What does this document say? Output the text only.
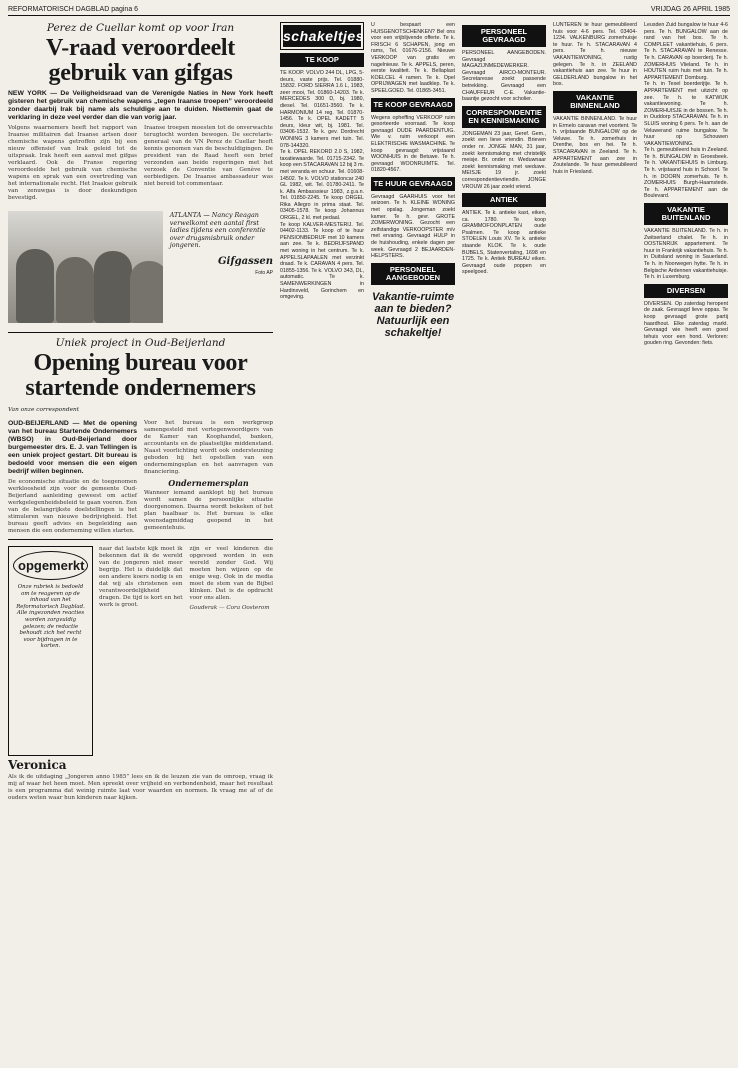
REFORMATORISCH DAGBLAD pagina 6	VRIJDAG 26 APRIL 1985

Perez de Cuellar komt op voor Iran

V-raad veroordeelt gebruik van gifgas

NEW YORK — De Veiligheidsraad van de Verenigde Naties in New York heeft gisteren het gebruik van chemische wapens „tegen Iraanse troepen” veroordeeld zonder daarbij Irak bij name als schuldige aan te duiden. Niettemin gaat de verklaring in deze veel verder dan die van vorig jaar.

Volgens waarnemers heeft het rapport van Iraanse militairen dat Iraanse artsen door chemische wapens getroffen zijn bij een nieuw offensief van Irak geleid tot de uitspraak. Irak heeft een aanval met gifgas verklaard. Ook de Franse regering veroordeelde het gebruik van chemische wapens en sprak van een overtreding van het internationale recht. Het Iraakse gebruik van zenuwgas is door deskundigen bevestigd.

Iraanse troepen moesten tot de onverwachte terugtocht worden bewogen. De secretaris-generaal van de VN Perez de Cuellar heeft kennis genomen van de beschuldigingen. De president van de Raad heeft een brief verzonden aan beide regeringen met het verzoek de Conventie van Genève te eerbiedigen. De Iraanse ambassadeur was niet bereid tot commentaar.

ATLANTA — Nancy Reagan verwelkomt een aantal first ladies tijdens een conferentie over drugsmisbruik onder jongeren.

Gifgassen

Foto AP

Uniek project in Oud-Beijerland

Opening bureau voor startende ondernemers

Van onze correspondent

OUD-BEIJERLAND — Met de opening van het bureau Startende Ondernemers (WBSO) in Oud-Beijerland door burgemeester drs. E. J. van Tellingen is een uniek project gestart. Dit bureau is bedoeld voor mensen die een eigen bedrijf willen beginnen.

De economische situatie en de toegenomen werkloosheid zijn voor de gemeente Oud-Beijerland aanleiding geweest om actief werkgelegenheidsbeleid te gaan voeren. Een van de belangrijkste doelstellingen is het stimuleren van nieuwe bedrijvigheid. Het bureau geeft advies en begeleiding aan mensen die een onderneming willen starten.

Voor het bureau is een werkgroep samengesteld met vertegenwoordigers van de Kamer van Koophandel, banken, accountants en de plaatselijke middenstand. Naast voorlichting wordt ook ondersteuning geboden bij het opstellen van een ondernemingsplan en het aanvragen van financiering.

Ondernemersplan

Wanneer iemand aanklopt bij het bureau wordt samen de persoonlijke situatie doorgenomen. Daarna wordt bekeken of het plan haalbaar is. Het bureau is elke woensdagmiddag geopend in het gemeentehuis.

opgemerkt
Onze rubriek is bedoeld om te reageren op de inhoud van het Reformatorisch Dagblad. Alle ingezonden reacties worden zorgvuldig gelezen; de redactie behoudt zich het recht voor bijdragen in te korten.

naar dat laatste kijk moet ik bekennen dat ik de wereld van de jongeren niet meer begrijp. Het is duidelijk dat een andere koers nodig is en dat wij als christenen een verantwoordelijkheid dragen. De tijd is kort en het werk is groot.

zijn er veel kinderen die opgevoed worden in een wereld zonder God. Wij moeten hen wijzen op de enige weg. Ook in de media moet de stem van de Bijbel klinken. Dat is de opdracht voor ons allen.

Gouderak — Cora Oosterom

Veronica

Als ik de uitdaging „Jongeren anno 1985” lees en ik de leuzen zie van de omroep, vraag ik mij af waar het heen moet. Men spreekt over vrijheid en verbondenheid, maar het resultaat is een programma dat weinig ruimte laat voor waarden en normen. Ik vraag me af of de ouders weten waar hun kinderen naar kijken.

schakeltjes
TE KOOP
TE KOOP. VOLVO 244 DL, LPG, 5-deurs, vaste prijs. Tel. 01880-15832. FORD SIERRA 1.6 L, 1983, zeer mooi, Tel. 01860-14203. Te k. MERCEDES 300 D, bj. 1980, diesel. Tel. 01651-3560. Te k. HARMONIUM 14 reg. Tel. 01870-1456. Te k. OPEL KADETT 5 deurs, kleur wit, bj. 1981. Tel. 03406-1532. Te k. gev. Dordrecht WONING 3 kamers met tuin. Tel. 078-144320.
Te k. OPEL REKORD 2.0 S, 1982, taxatiewaarde. Tel. 01715-2342. Te koop een STACARAVAN 12 bij 3 m. met veranda en schuur. Tel. 01608-14502. Te k. VOLVO stationcar 240 GL 1982, wit. Tel. 01780-2411. Te k. Alfa Ambasssieur 1983, z.g.a.n. Tel. 01850-2245. Te koop ORGEL Rika Allegro in prima staat. Tel. 03405-1578. Te koop Johannus ORGEL, 2 kl. met pedaal.
Te koop KALVER-MESTERIJ. Tel. 04402-1133. Te koop of te huur PENSIONBEDRIJF met 10 kamers aan zee. Te k. BEDRIJFSPAND met woning in het centrum. Te k. APPELSLAPAALEN met verzinkt draad. Te k. CARAVAN 4 pers. Tel. 01855-1356. Te k. VOLVO 343, DL, automatic. Te k. SAMENWERKINGEN in Hardinxveld, Gorinchem en omgeving.
U bespaart een HUISGENOTSCHENKEN? Bel ons voor een vrijblijvende offerte. Te k. FRISCH 6 SCHAPEN, jong en rams, Tel. 01676-2156. Nieuwe VERKOOP van gratis en nagelnieuw. Te k. APPELS, peren, eerste kwaliteit. Te k. Bellaplast KOELCEL 4 ramen. Te k. Opel OPRIJWAGEN met laadklep. Te k. SPEELGOED. Tel. 01865-3451.
TE KOOP GEVRAAGD
Wegens opheffing VERKOOP ruim gesorteerde voorraad. Te koop gevraagd OUDE PAARDENTUIG. Wie v. ruim verkoopt een ELEKTRISCHE WASMACHINE. Te koop gevraagd: vrijstaand WOONHUIS in de Betuwe. Te h. gevraagd WOONRUIMTE. Tel. 01820-4567.
TE HUUR GEVRAAGD
Gevraagd GAARHUIS voor het seizoen. Te h. KLEINE WONING met opslag. Jongeman zoekt kamer. Te h. gevr. GROTE ZOMERWONING. Gezocht een zelfstandige VERKOOPSTER m/v met ervaring. Gevraagd HULP in de huishouding, enkele dagen per week. Gevraagd 2 BEJAARDEN-HELPSTERS.
PERSONEEL AANGEBODEN
Vakantie-ruimte aan te bieden? Natuurlijk een schakeltje!
PERSONEEL GEVRAAGD
PERSONEEL AANGEBODEN. Gevraagd MAGAZIJNMEDEWERKER. Gevraagd AIRCO-MONTEUR. Secretaresse zoekt passende betrekking. Gevraagd een CHAUFFEUR C-E. Vakantie-baantje gezocht voor scholier.
CORRESPONDENTIE EN KENNISMAKING
JONGEMAN 23 jaar, Geref. Gem., zoekt een lieve vriendin. Brieven onder nr. JONGE MAN, 31 jaar, zoekt kennismaking met christelijk meisje. Br. onder nr. Weduwnaar zoekt kennismaking met weduwe. MEISJE 19 jr. zoekt correspondentievriendin. JONGE VROUW 26 jaar zoekt vriend.
ANTIEK
ANTIEK. Te k. antieke kast, eiken, ca. 1780. Te koop GRAMMOFOONPLATEN oude Psalmen. Te koop antieke STOELEN Louis XV. Te k. antieke staande KLOK. Te k. oude BIJBELS, Statenvertaling, 1698 en 1725. Te k. Antiek BUREAU eiken. Gevraagd oude poppen en speelgoed.
LUNTEREN te huur gemeubileerd huis voor 4-6 pers. Tel. 03404-1234. VALKENBURG zomerhuisje te huur. Te h. STACARAVAN 4 pers. Te h. nieuwe VAKANTIEWONING, rustig gelegen. Te h. in ZEELAND vakantiehuis aan zee. Te huur in GELDERLAND bungalow in het bos.
VAKANTIE BINNENLAND
VAKANTIE BINNENLAND. Te huur in Ermelo caravan met voortent. Te h. vrijstaande BUNGALOW op de Veluwe. Te h. zomerhuis in Drenthe, bos en hei. Te h. STACARAVAN in Zeeland. Te h. APPARTEMENT aan zee in Zoutelande. Te huur gemeubileerd huis in Friesland.
Leusden Zuid bungalow te huur 4-6 pers. Te h. BUNGALOW aan de rand van het bos. Te h. COMPLEET vakantiehuis, 6 pers. Te h. STACARAVAN te Renesse. Te h. CARAVAN op boerderij. Te h. ZOMERHUIS Vlieland. Te h. in HOUTEN ruim huis met tuin. Te h. APPARTEMENT Domburg.
Te h. in Texel boerderijtje. Te h. APPARTEMENT met uitzicht op zee. Te h. te KATWIJK vakantiewoning. Te h. ZOMERHUISJE in de bossen. Te h. in Ouddorp STACARAVAN. Te h. in SLUIS woning 6 pers. Te h. aan de Veluwerand ruime bungalow. Te huur op Schouwen VAKANTIEWONING.
Te h. gemeubileerd huis in Zeeland. Te h. BUNGALOW in Groesbeek. Te h. VAKANTIEHUIS in Limburg. Te h. vrijstaand huis in Schoorl. Te h. in DOORN zomerhuis. Te h. ZOMERHUIS Burgh-Haamstede. Te h. APPARTEMENT aan de Boulevard.
VAKANTIE BUITENLAND
VAKANTIE BUITENLAND. Te h. in Zwitserland chalet. Te h. in OOSTENRIJK appartement. Te huur in Frankrijk vakantiehuis. Te h. in Duitsland woning in Sauerland. Te h. in Noorwegen hytte. Te h. in Belgische Ardennen vakantiehuisje. Te h. in Luxemburg.
DIVERSEN
DIVERSEN. Op zaterdag heropent de zaak. Gevraagd lieve oppas. Te koop gevraagd grote partij haardhout. Elke zaterdag markt. Gevraagd wie heeft een goed tehuis voor een hond. Verloren: gouden ring. Gevonden: fiets.
